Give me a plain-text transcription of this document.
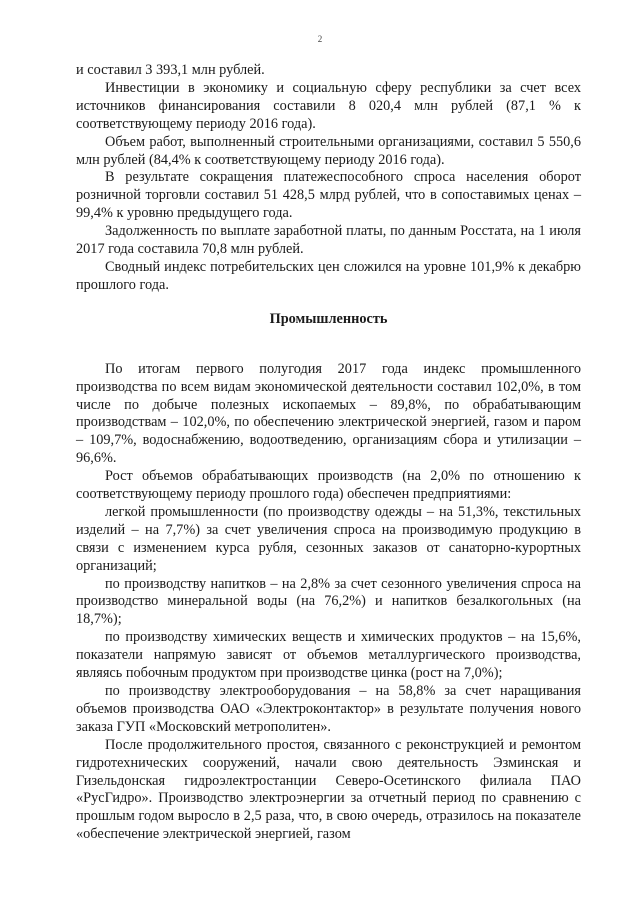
2

и составил 3 393,1 млн рублей.

Инвестиции в экономику и социальную сферу республики за счет всех источников финансирования составили 8 020,4 млн рублей (87,1 % к соответствующему периоду 2016 года).

Объем работ, выполненный строительными организациями, составил 5 550,6 млн рублей (84,4% к соответствующему периоду 2016 года).

В результате сокращения платежеспособного спроса населения оборот розничной торговли составил 51 428,5 млрд рублей, что в сопоставимых ценах – 99,4% к уровню предыдущего года.

Задолженность по выплате заработной платы, по данным Росстата, на 1 июля 2017 года составила 70,8 млн рублей.

Сводный индекс потребительских цен сложился на уровне 101,9% к декабрю прошлого года.

Промышленность

По итогам первого полугодия 2017 года индекс промышленного производства по всем видам экономической деятельности составил 102,0%, в том числе по добыче полезных ископаемых – 89,8%, по обрабатывающим производствам – 102,0%, по обеспечению электрической энергией, газом и паром – 109,7%, водоснабжению, водоотведению, организациям сбора и утилизации – 96,6%.

Рост объемов обрабатывающих производств (на 2,0% по отношению к соответствующему периоду прошлого года) обеспечен предприятиями:

легкой промышленности (по производству одежды – на 51,3%, текстильных изделий – на 7,7%) за счет увеличения спроса на производимую продукцию в связи с изменением курса рубля, сезонных заказов от санаторно-курортных организаций;

по производству напитков – на 2,8% за счет сезонного увеличения спроса на производство минеральной воды (на 76,2%) и напитков безалкогольных (на 18,7%);

по производству химических веществ и химических продуктов – на 15,6%, показатели напрямую зависят от объемов металлургического производства, являясь побочным продуктом при производстве цинка (рост на 7,0%);

по производству электрооборудования – на 58,8% за счет наращивания объемов производства ОАО «Электроконтактор» в результате получения нового заказа ГУП «Московский метрополитен».

После продолжительного простоя, связанного с реконструкцией и ремонтом гидротехнических сооружений, начали свою деятельность Эзминская и Гизельдонская гидроэлектростанции Северо-Осетинского филиала ПАО «РусГидро». Производство электроэнергии за отчетный период по сравнению с прошлым годом выросло в 2,5 раза, что, в свою очередь, отразилось на показателе «обеспечение электрической энергией, газом
